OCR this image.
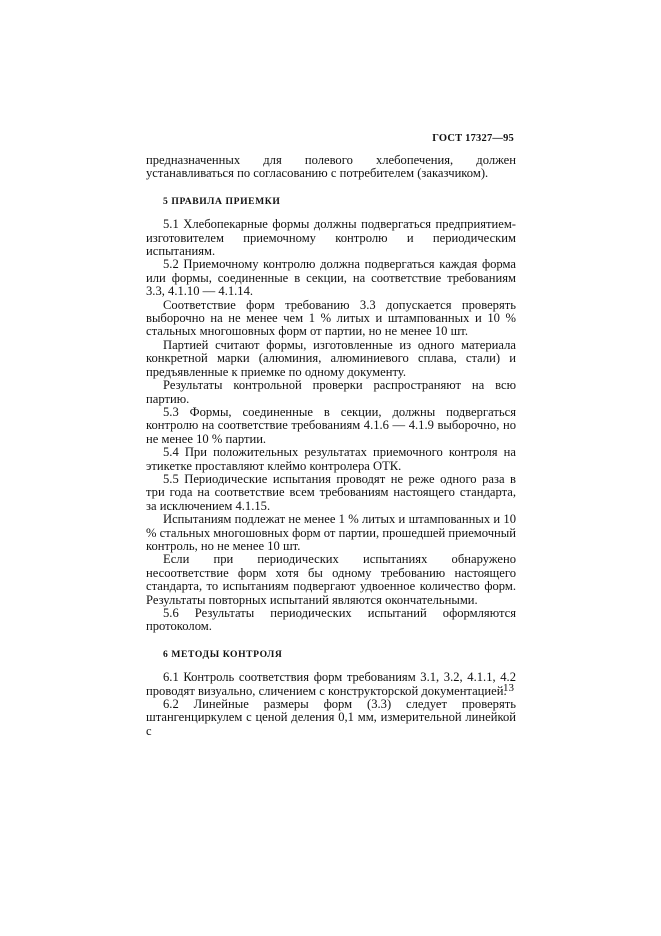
ГОСТ 17327—95

предназначенных для полевого хлебопечения, должен устанавливаться по согласованию с потребителем (заказчиком).

5 ПРАВИЛА ПРИЕМКИ

5.1 Хлебопекарные формы должны подвергаться предприятием-изготовителем приемочному контролю и периодическим испытаниям.

5.2 Приемочному контролю должна подвергаться каждая форма или формы, соединенные в секции, на соответствие требованиям 3.3, 4.1.10 — 4.1.14.

Соответствие форм требованию 3.3 допускается проверять выборочно на не менее чем 1 % литых и штампованных и 10 % стальных многошовных форм от партии, но не менее 10 шт.

Партией считают формы, изготовленные из одного материала конкретной марки (алюминия, алюминиевого сплава, стали) и предъявленные к приемке по одному документу.

Результаты контрольной проверки распространяют на всю партию.

5.3 Формы, соединенные в секции, должны подвергаться контролю на соответствие требованиям 4.1.6 — 4.1.9 выборочно, но не менее 10 % партии.

5.4 При положительных результатах приемочного контроля на этикетке проставляют клеймо контролера ОТК.

5.5 Периодические испытания проводят не реже одного раза в три года на соответствие всем требованиям настоящего стандарта, за исключением 4.1.15.

Испытаниям подлежат не менее 1 % литых и штампованных и 10 % стальных многошовных форм от партии, прошедшей приемочный контроль, но не менее 10 шт.

Если при периодических испытаниях обнаружено несоответствие форм хотя бы одному требованию настоящего стандарта, то испытаниям подвергают удвоенное количество форм. Результаты повторных испытаний являются окончательными.

5.6 Результаты периодических испытаний оформляются протоколом.

6 МЕТОДЫ КОНТРОЛЯ

6.1 Контроль соответствия форм требованиям 3.1, 3.2, 4.1.1, 4.2 проводят визуально, сличением с конструкторской документацией.

6.2 Линейные размеры форм (3.3) следует проверять штангенциркулем с ценой деления 0,1 мм, измерительной линейкой с

13
